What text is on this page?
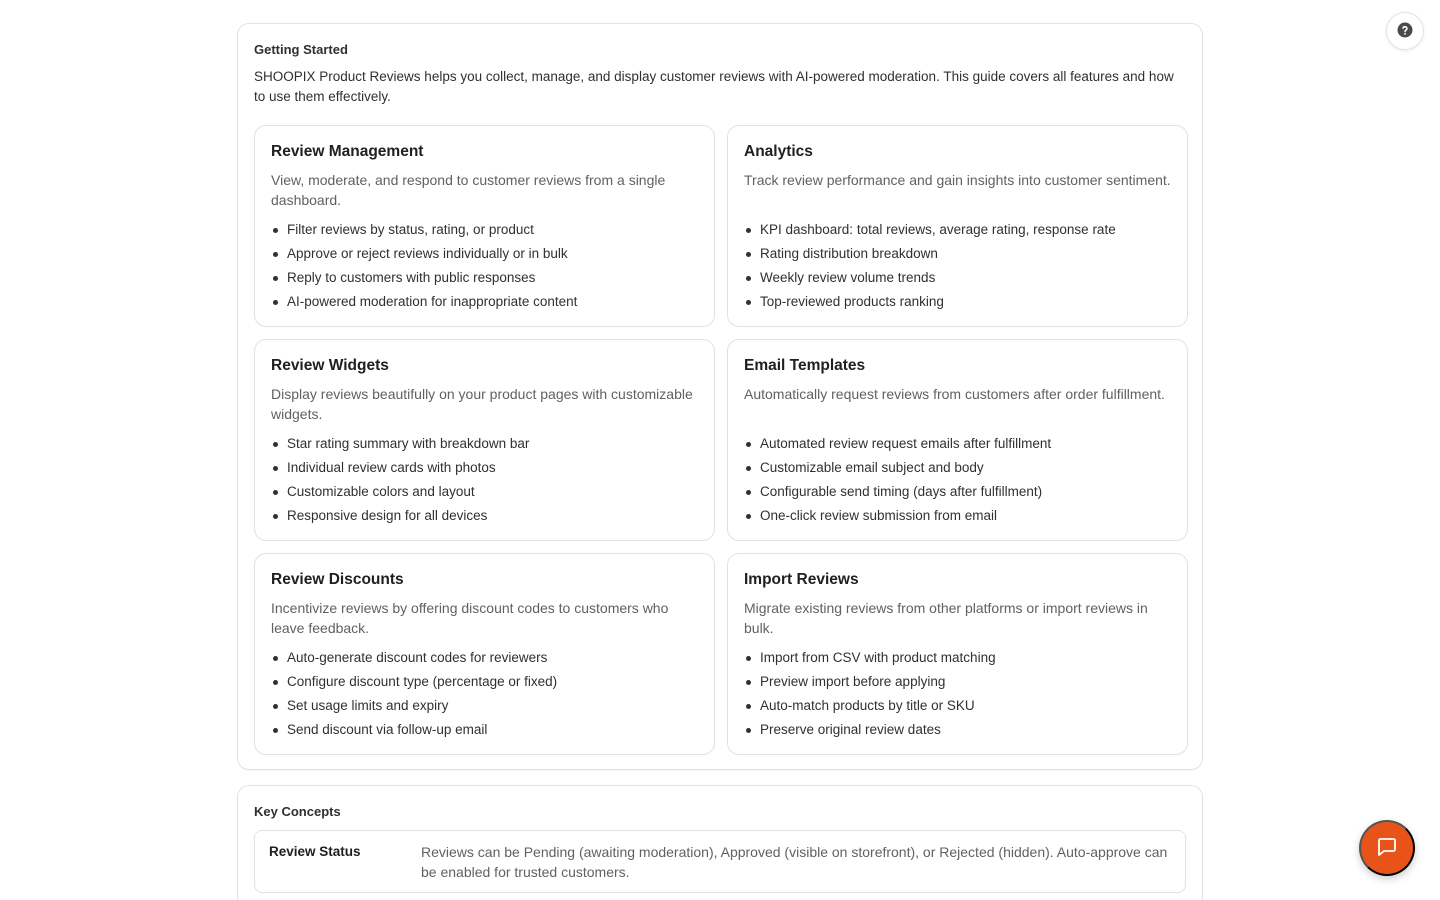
Getting Started

SHOOPIX Product Reviews helps you collect, manage, and display customer reviews with AI-powered moderation. This guide covers all features and how to use them effectively.

Review Management

View, moderate, and respond to customer reviews from a single dashboard.

Filter reviews by status, rating, or product
Approve or reject reviews individually or in bulk
Reply to customers with public responses
AI-powered moderation for inappropriate content
Analytics

Track review performance and gain insights into customer sentiment.

KPI dashboard: total reviews, average rating, response rate
Rating distribution breakdown
Weekly review volume trends
Top-reviewed products ranking
Review Widgets

Display reviews beautifully on your product pages with customizable widgets.

Star rating summary with breakdown bar
Individual review cards with photos
Customizable colors and layout
Responsive design for all devices
Email Templates

Automatically request reviews from customers after order fulfillment.

Automated review request emails after fulfillment
Customizable email subject and body
Configurable send timing (days after fulfillment)
One-click review submission from email
Review Discounts

Incentivize reviews by offering discount codes to customers who leave feedback.

Auto-generate discount codes for reviewers
Configure discount type (percentage or fixed)
Set usage limits and expiry
Send discount via follow-up email
Import Reviews

Migrate existing reviews from other platforms or import reviews in bulk.

Import from CSV with product matching
Preview import before applying
Auto-match products by title or SKU
Preserve original review dates
Key Concepts
Review Status	Reviews can be Pending (awaiting moderation), Approved (visible on storefront), or Rejected (hidden). Auto-approve can be enabled for trusted customers.
